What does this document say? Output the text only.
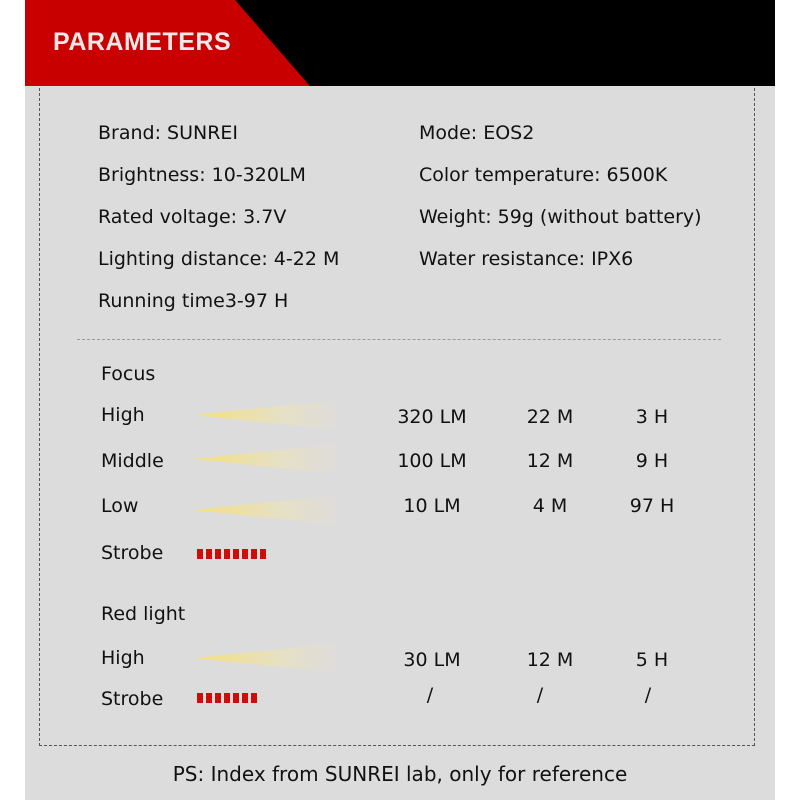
PARAMETERS
Brand: SUNREI	Mode: EOS2
Brightness: 10-320LM	Color temperature: 6500K
Rated voltage: 3.7V	Weight: 59g (without battery)
Lighting distance: 4-22 M	Water resistance: IPX6
Running time3-97 H
Focus
High	320 LM	22 M	3 H
Middle	100 LM	12 M	9 H
Low	10 LM	4 M	97 H
Strobe
Red light
High	30 LM	12 M	5 H
Strobe	/	/	/
PS: Index from SUNREI lab, only for reference
